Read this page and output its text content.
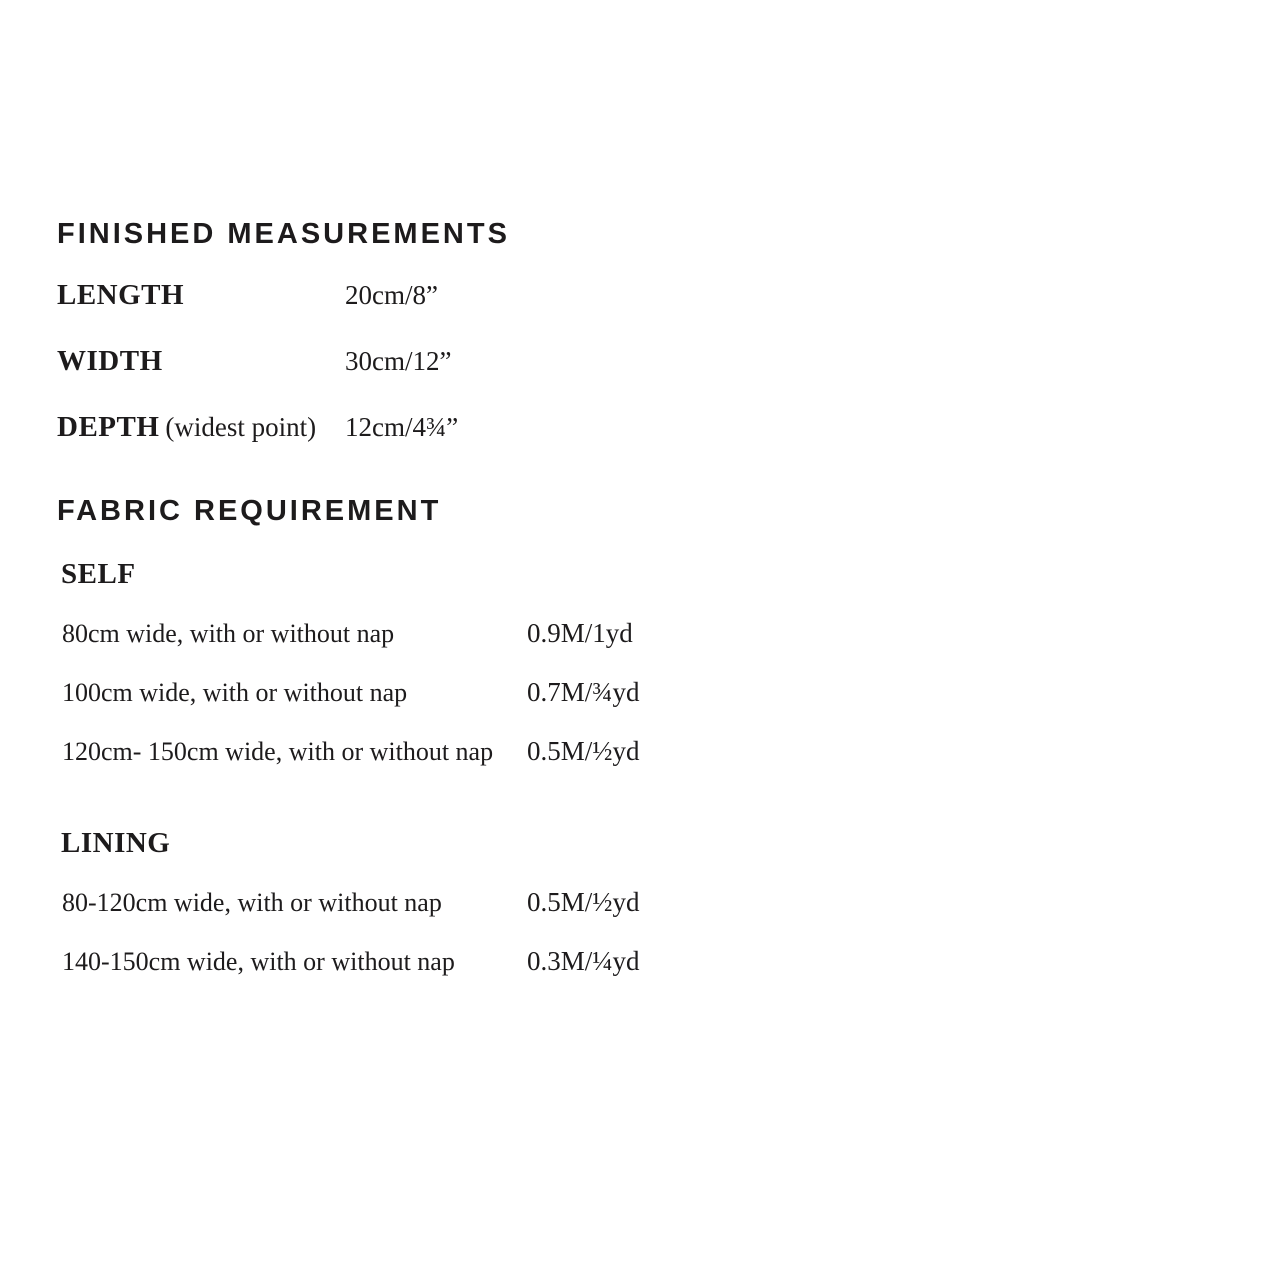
FINISHED MEASUREMENTS
LENGTH	20cm/8”
WIDTH	30cm/12”
DEPTH (widest point)	12cm/4¾”
FABRIC REQUIREMENT
SELF
80cm wide, with or without nap	0.9M/1yd
100cm wide, with or without nap	0.7M/¾yd
120cm- 150cm wide, with or without nap	0.5M/½yd
LINING
80-120cm wide, with or without nap	0.5M/½yd
140-150cm wide, with or without nap	0.3M/¼yd
